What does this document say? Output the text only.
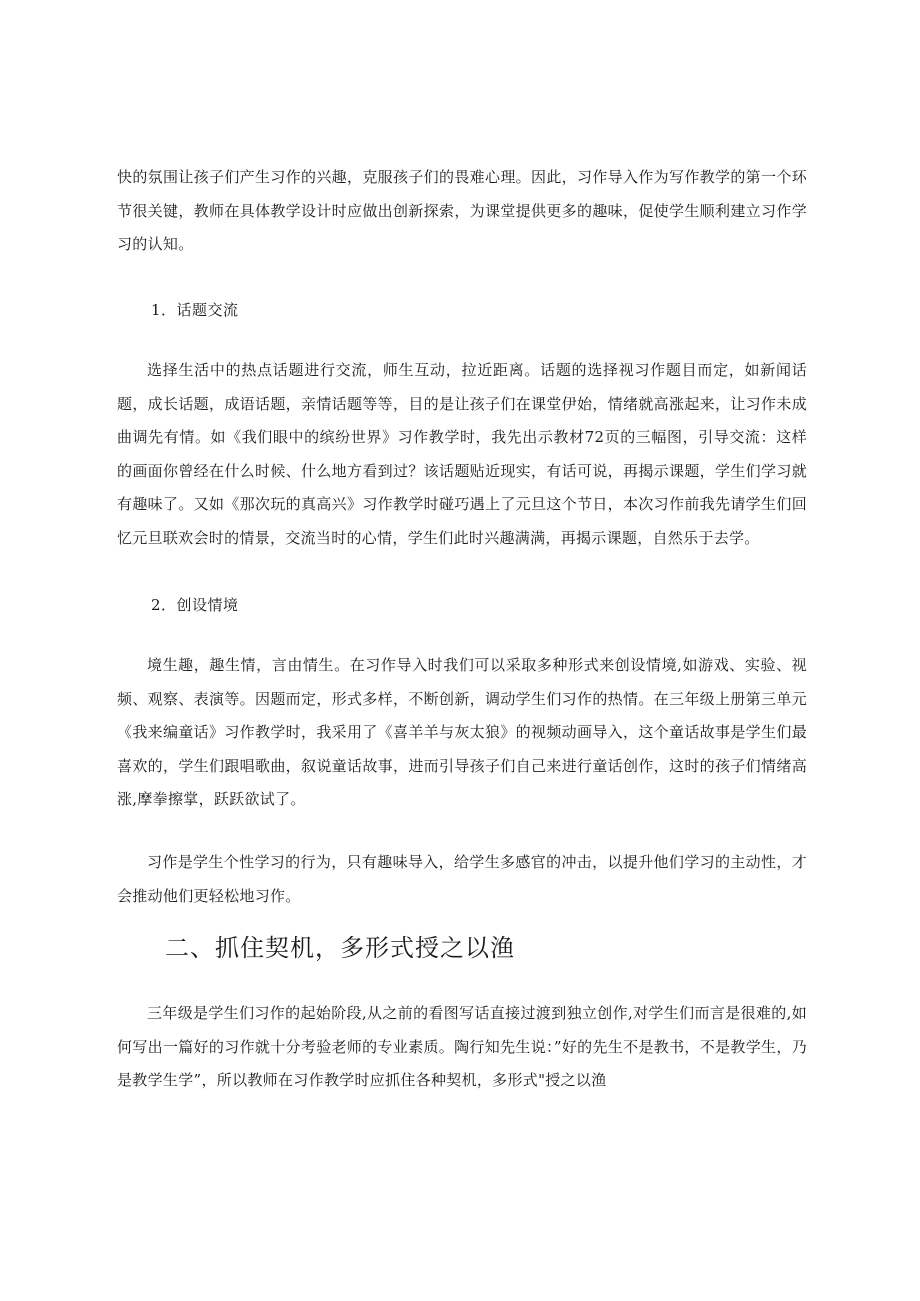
快的氛围让孩子们产生习作的兴趣，克服孩子们的畏难心理。因此，习作导入作为写作教学的第一个环节很关键，教师在具体教学设计时应做出创新探索，为课堂提供更多的趣味，促使学生顺利建立习作学习的认知。

1．话题交流

选择生活中的热点话题进行交流，师生互动，拉近距离。话题的选择视习作题目而定，如新闻话题，成长话题，成语话题，亲情话题等等，目的是让孩子们在课堂伊始，情绪就高涨起来，让习作未成曲调先有情。如《我们眼中的缤纷世界》习作教学时，我先出示教材72页的三幅图，引导交流：这样的画面你曾经在什么时候、什么地方看到过？该话题贴近现实，有话可说，再揭示课题，学生们学习就有趣味了。又如《那次玩的真高兴》习作教学时碰巧遇上了元旦这个节日，本次习作前我先请学生们回忆元旦联欢会时的情景，交流当时的心情，学生们此时兴趣满满，再揭示课题，自然乐于去学。

2．创设情境

境生趣，趣生情，言由情生。在习作导入时我们可以采取多种形式来创设情境,如游戏、实验、视频、观察、表演等。因题而定，形式多样，不断创新，调动学生们习作的热情。在三年级上册第三单元《我来编童话》习作教学时，我采用了《喜羊羊与灰太狼》的视频动画导入，这个童话故事是学生们最喜欢的，学生们跟唱歌曲，叙说童话故事，进而引导孩子们自己来进行童话创作，这时的孩子们情绪高涨,摩拳擦掌，跃跃欲试了。

习作是学生个性学习的行为，只有趣味导入，给学生多感官的冲击，以提升他们学习的主动性，才会推动他们更轻松地习作。

二、抓住契机，多形式授之以渔

三年级是学生们习作的起始阶段,从之前的看图写话直接过渡到独立创作,对学生们而言是很难的,如何写出一篇好的习作就十分考验老师的专业素质。陶行知先生说：”好的先生不是教书，不是教学生，乃是教学生学”，所以教师在习作教学时应抓住各种契机，多形式"授之以渔
